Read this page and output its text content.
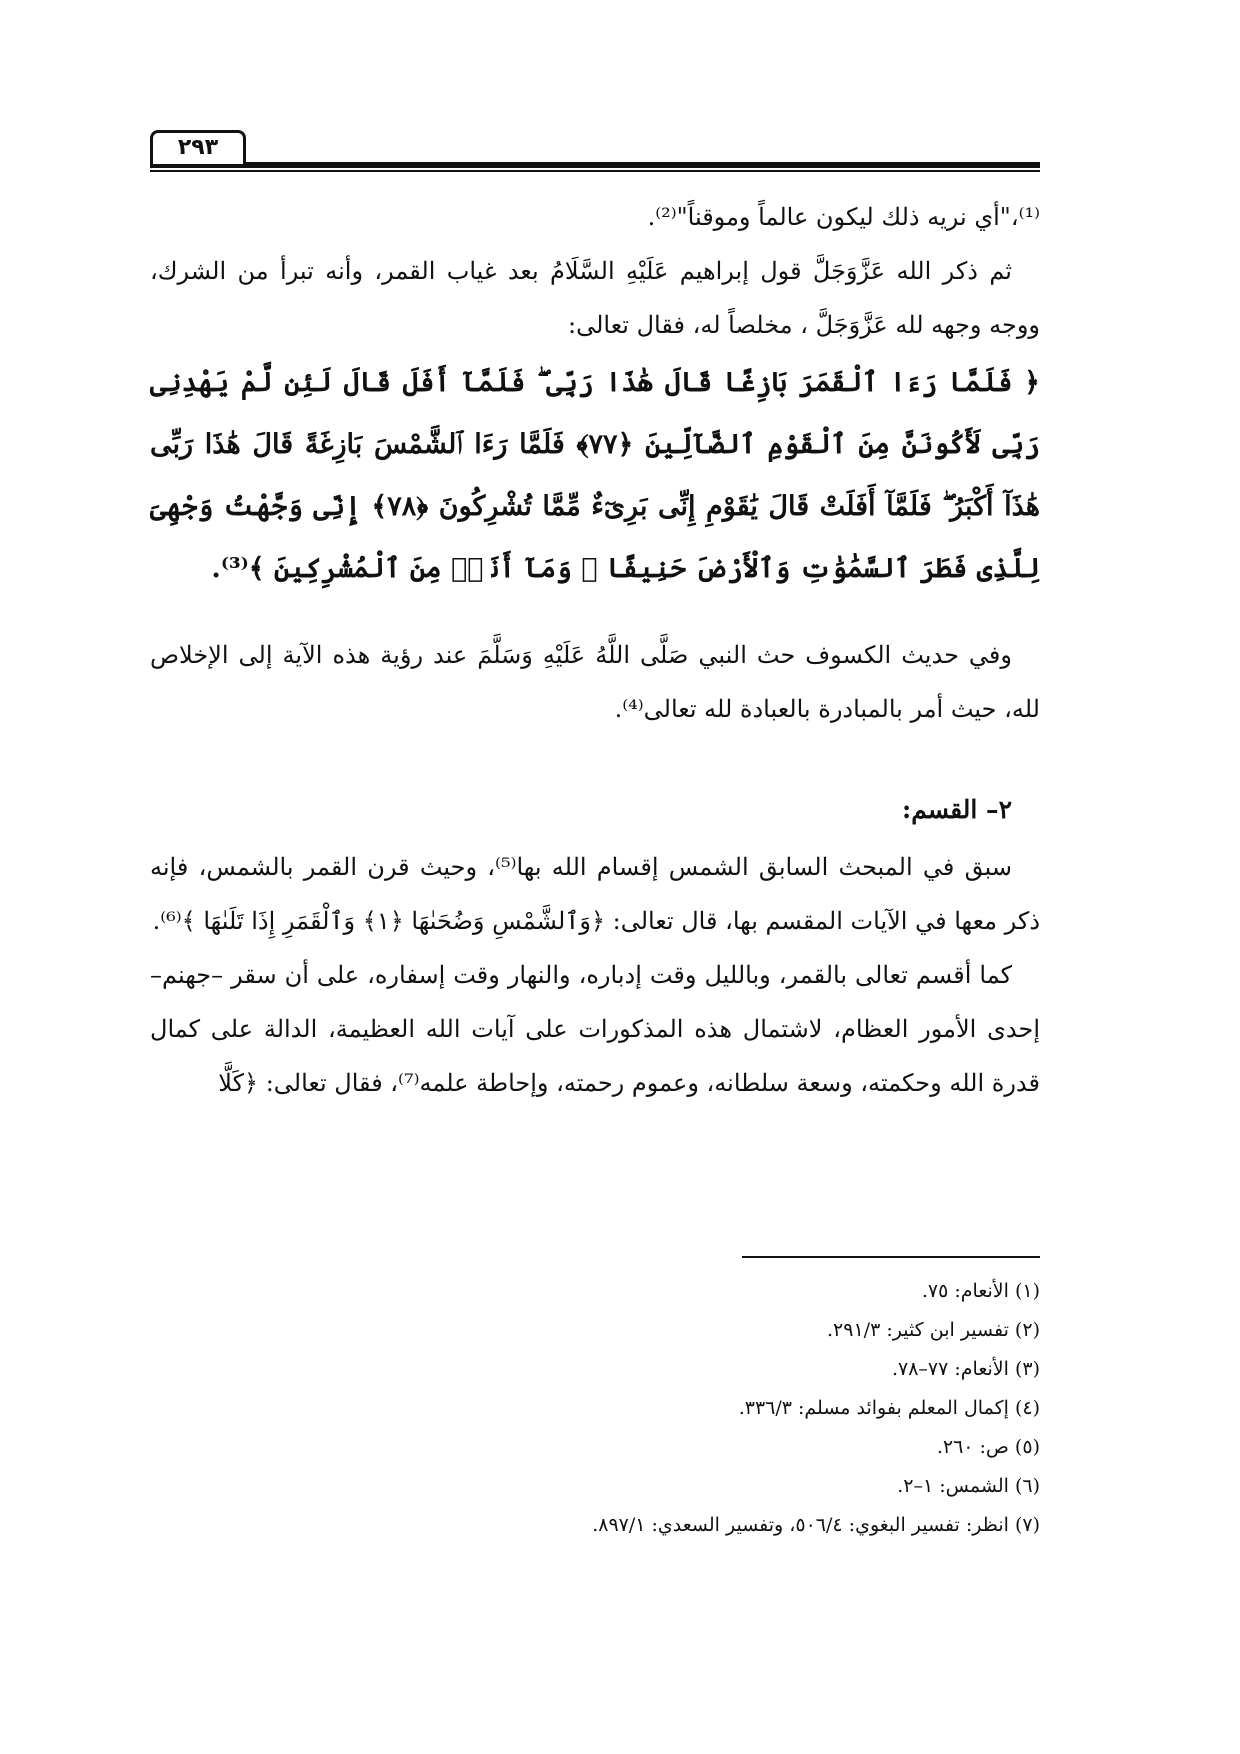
٢٩٣

⁽¹⁾،"أي نريه ذلك ليكون عالماً وموقناً"⁽²⁾.

ثم ذكر الله عَزَّوَجَلَّ قول إبراهيم عَلَيْهِ السَّلَامُ بعد غياب القمر، وأنه تبرأ من الشرك، ووجه وجهه لله عَزَّوَجَلَّ ، مخلصاً له، فقال تعالى:

﴿ فَلَمَّا رَءَا ٱلْقَمَرَ بَازِغًا قَالَ هَٰذَا رَبِّى ۖ فَلَمَّآ أَفَلَ قَالَ لَئِن لَّمْ يَهْدِنِى رَبِّى لَأَكُونَنَّ مِنَ ٱلْقَوْمِ ٱلضَّآلِّينَ ﴿٧٧﴾ فَلَمَّا رَءَا ٱلشَّمْسَ بَازِغَةً قَالَ هَٰذَا رَبِّى هَٰذَآ أَكْبَرُ ۖ فَلَمَّآ أَفَلَتْ قَالَ يَٰقَوْمِ إِنِّى بَرِىٓءٌ مِّمَّا تُشْرِكُونَ ﴿٧٨﴾ إِنِّى وَجَّهْتُ وَجْهِىَ لِلَّذِى فَطَرَ ٱلسَّمَٰوَٰتِ وَٱلْأَرْضَ حَنِيفًا ۖ وَمَآ أَنَا۠ مِنَ ٱلْمُشْرِكِينَ ﴾⁽³⁾.

وفي حديث الكسوف حث النبي صَلَّى اللَّهُ عَلَيْهِ وَسَلَّمَ عند رؤية هذه الآية إلى الإخلاص لله، حيث أمر بالمبادرة بالعبادة لله تعالى⁽⁴⁾.

٢– القسم:

سبق في المبحث السابق الشمس إقسام الله بها⁽⁵⁾، وحيث قرن القمر بالشمس، فإنه ذكر معها في الآيات المقسم بها، قال تعالى: ﴿وَٱلشَّمْسِ وَضُحَىٰهَا ﴿١﴾ وَٱلْقَمَرِ إِذَا تَلَىٰهَا ﴾⁽⁶⁾.

كما أقسم تعالى بالقمر، وبالليل وقت إدباره، والنهار وقت إسفاره، على أن سقر –جهنم– إحدى الأمور العظام، لاشتمال هذه المذكورات على آيات الله العظيمة، الدالة على كمال قدرة الله وحكمته، وسعة سلطانه، وعموم رحمته، وإحاطة علمه⁽⁷⁾، فقال تعالى: ﴿كَلَّا

(١) الأنعام: ٧٥.

(٢) تفسير ابن كثير: ٢٩١/٣.

(٣) الأنعام: ٧٧–٧٨.

(٤) إكمال المعلم بفوائد مسلم: ٣٣٦/٣.

(٥) ص: ٢٦٠.

(٦) الشمس: ١–٢.

(٧) انظر: تفسير البغوي: ٥٠٦/٤، وتفسير السعدي: ٨٩٧/١.
